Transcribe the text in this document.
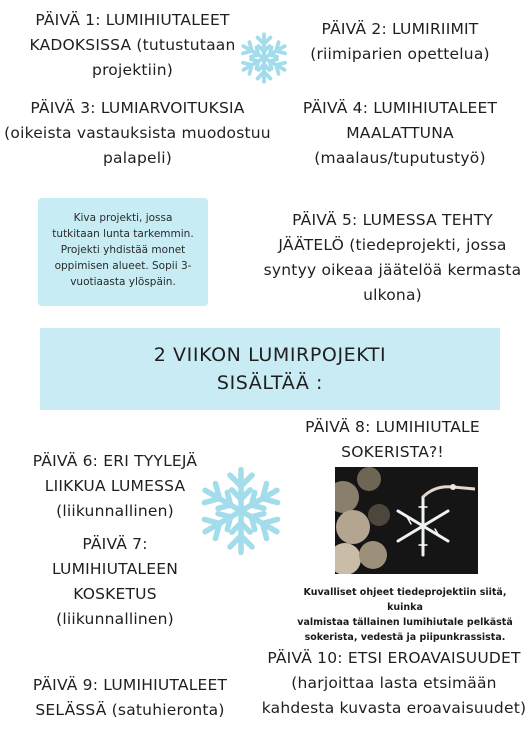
PÄIVÄ 1: LUMIHIUTALEET
KADOKSISSA (tutustutaan
projektiin)
PÄIVÄ 2: LUMIRIIMIT
(riimiparien opettelua)
PÄIVÄ 3: LUMIARVOITUKSIA
(oikeista vastauksista muodostuu
palapeli)
PÄIVÄ 4: LUMIHIUTALEET
MAALATTUNA
(maalaus/tuputustyö)
Kiva projekti, jossa
tutkitaan lunta tarkemmin.
Projekti yhdistää monet
oppimisen alueet. Sopii 3-
vuotiaasta ylöspäin.
PÄIVÄ 5: LUMESSA TEHTY
JÄÄTELÖ (tiedeprojekti, jossa
syntyy oikeaa jäätelöä kermasta
ulkona)
2 VIIKON LUMIRPOJEKTI
SISÄLTÄÄ :
PÄIVÄ 8: LUMIHIUTALE
SOKERISTA?!
PÄIVÄ 6: ERI TYYLEJÄ
LIIKKUA LUMESSA
(liikunnallinen)
PÄIVÄ 7:
LUMIHIUTALEEN
KOSKETUS
(liikunnallinen)
Kuvalliset ohjeet tiedeprojektiin siitä, kuinka
valmistaa tällainen lumihiutale pelkästä
sokerista, vedestä ja piipunkrassista.
PÄIVÄ 10: ETSI EROAVAISUUDET
(harjoittaa lasta etsimään
kahdesta kuvasta eroavaisuudet)
PÄIVÄ 9: LUMIHIUTALEET
SELÄSSÄ (satuhieronta)
